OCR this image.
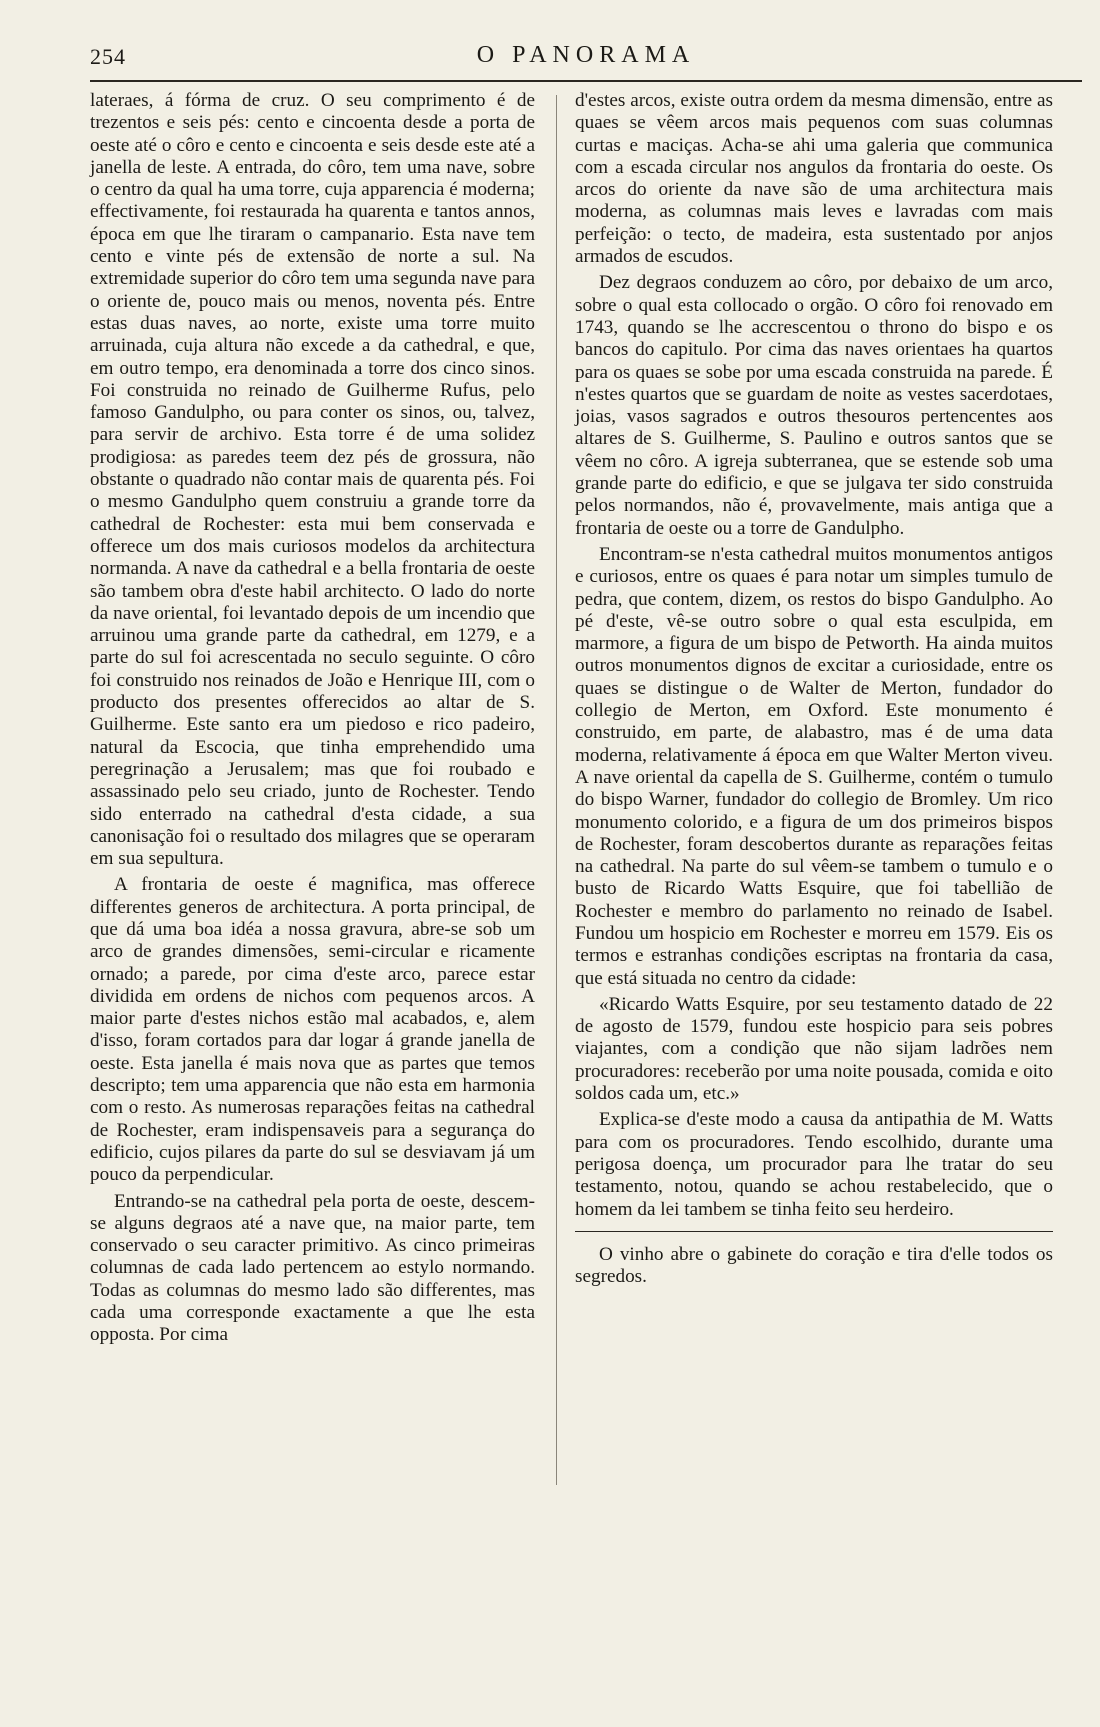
254	O PANORAMA

lateraes, á fórma de cruz. O seu comprimento é de trezentos e seis pés: cento e cincoenta desde a porta de oeste até o côro e cento e cincoenta e seis desde este até a janella de leste. A entrada, do côro, tem uma nave, sobre o centro da qual ha uma torre, cuja apparencia é moderna; effectivamente, foi restaurada ha quarenta e tantos annos, época em que lhe tiraram o campanario. Esta nave tem cento e vinte pés de extensão de norte a sul. Na extremidade superior do côro tem uma segunda nave para o oriente de, pouco mais ou menos, noventa pés. Entre estas duas naves, ao norte, existe uma torre muito arruinada, cuja altura não excede a da cathedral, e que, em outro tempo, era denominada a torre dos cinco sinos. Foi construida no reinado de Guilherme Rufus, pelo famoso Gandulpho, ou para conter os sinos, ou, talvez, para servir de archivo. Esta torre é de uma solidez prodigiosa: as paredes teem dez pés de grossura, não obstante o quadrado não contar mais de quarenta pés. Foi o mesmo Gandulpho quem construiu a grande torre da cathedral de Rochester: esta mui bem conservada e offerece um dos mais curiosos modelos da architectura normanda. A nave da cathedral e a bella frontaria de oeste são tambem obra d'este habil architecto. O lado do norte da nave oriental, foi levantado depois de um incendio que arruinou uma grande parte da cathedral, em 1279, e a parte do sul foi acrescentada no seculo seguinte. O côro foi construido nos reinados de João e Henrique III, com o producto dos presentes offerecidos ao altar de S. Guilherme. Este santo era um piedoso e rico padeiro, natural da Escocia, que tinha emprehendido uma peregrinação a Jerusalem; mas que foi roubado e assassinado pelo seu criado, junto de Rochester. Tendo sido enterrado na cathedral d'esta cidade, a sua canonisação foi o resultado dos milagres que se operaram em sua sepultura.

A frontaria de oeste é magnifica, mas offerece differentes generos de architectura. A porta principal, de que dá uma boa idéa a nossa gravura, abre-se sob um arco de grandes dimensões, semi-circular e ricamente ornado; a parede, por cima d'este arco, parece estar dividida em ordens de nichos com pequenos arcos. A maior parte d'estes nichos estão mal acabados, e, alem d'isso, foram cortados para dar logar á grande janella de oeste. Esta janella é mais nova que as partes que temos descripto; tem uma apparencia que não esta em harmonia com o resto. As numerosas reparações feitas na cathedral de Rochester, eram indispensaveis para a segurança do edificio, cujos pilares da parte do sul se desviavam já um pouco da perpendicular.

Entrando-se na cathedral pela porta de oeste, descem-se alguns degraos até a nave que, na maior parte, tem conservado o seu caracter primitivo. As cinco primeiras columnas de cada lado pertencem ao estylo normando. Todas as columnas do mesmo lado são differentes, mas cada uma corresponde exactamente a que lhe esta opposta. Por cima

d'estes arcos, existe outra ordem da mesma dimensão, entre as quaes se vêem arcos mais pequenos com suas columnas curtas e maciças. Acha-se ahi uma galeria que communica com a escada circular nos angulos da frontaria do oeste. Os arcos do oriente da nave são de uma architectura mais moderna, as columnas mais leves e lavradas com mais perfeição: o tecto, de madeira, esta sustentado por anjos armados de escudos.

Dez degraos conduzem ao côro, por debaixo de um arco, sobre o qual esta collocado o orgão. O côro foi renovado em 1743, quando se lhe accrescentou o throno do bispo e os bancos do capitulo. Por cima das naves orientaes ha quartos para os quaes se sobe por uma escada construida na parede. É n'estes quartos que se guardam de noite as vestes sacerdotaes, joias, vasos sagrados e outros thesouros pertencentes aos altares de S. Guilherme, S. Paulino e outros santos que se vêem no côro. A igreja subterranea, que se estende sob uma grande parte do edificio, e que se julgava ter sido construida pelos normandos, não é, provavelmente, mais antiga que a frontaria de oeste ou a torre de Gandulpho.

Encontram-se n'esta cathedral muitos monumentos antigos e curiosos, entre os quaes é para notar um simples tumulo de pedra, que contem, dizem, os restos do bispo Gandulpho. Ao pé d'este, vê-se outro sobre o qual esta esculpida, em marmore, a figura de um bispo de Petworth. Ha ainda muitos outros monumentos dignos de excitar a curiosidade, entre os quaes se distingue o de Walter de Merton, fundador do collegio de Merton, em Oxford. Este monumento é construido, em parte, de alabastro, mas é de uma data moderna, relativamente á época em que Walter Merton viveu. A nave oriental da capella de S. Guilherme, contém o tumulo do bispo Warner, fundador do collegio de Bromley. Um rico monumento colorido, e a figura de um dos primeiros bispos de Rochester, foram descobertos durante as reparações feitas na cathedral. Na parte do sul vêem-se tambem o tumulo e o busto de Ricardo Watts Esquire, que foi tabellião de Rochester e membro do parlamento no reinado de Isabel. Fundou um hospicio em Rochester e morreu em 1579. Eis os termos e estranhas condições escriptas na frontaria da casa, que está situada no centro da cidade:

«Ricardo Watts Esquire, por seu testamento datado de 22 de agosto de 1579, fundou este hospicio para seis pobres viajantes, com a condição que não sijam ladrões nem procuradores: receberão por uma noite pousada, comida e oito soldos cada um, etc.»

Explica-se d'este modo a causa da antipathia de M. Watts para com os procuradores. Tendo escolhido, durante uma perigosa doença, um procurador para lhe tratar do seu testamento, notou, quando se achou restabelecido, que o homem da lei tambem se tinha feito seu herdeiro.

O vinho abre o gabinete do coração e tira d'elle todos os segredos.
